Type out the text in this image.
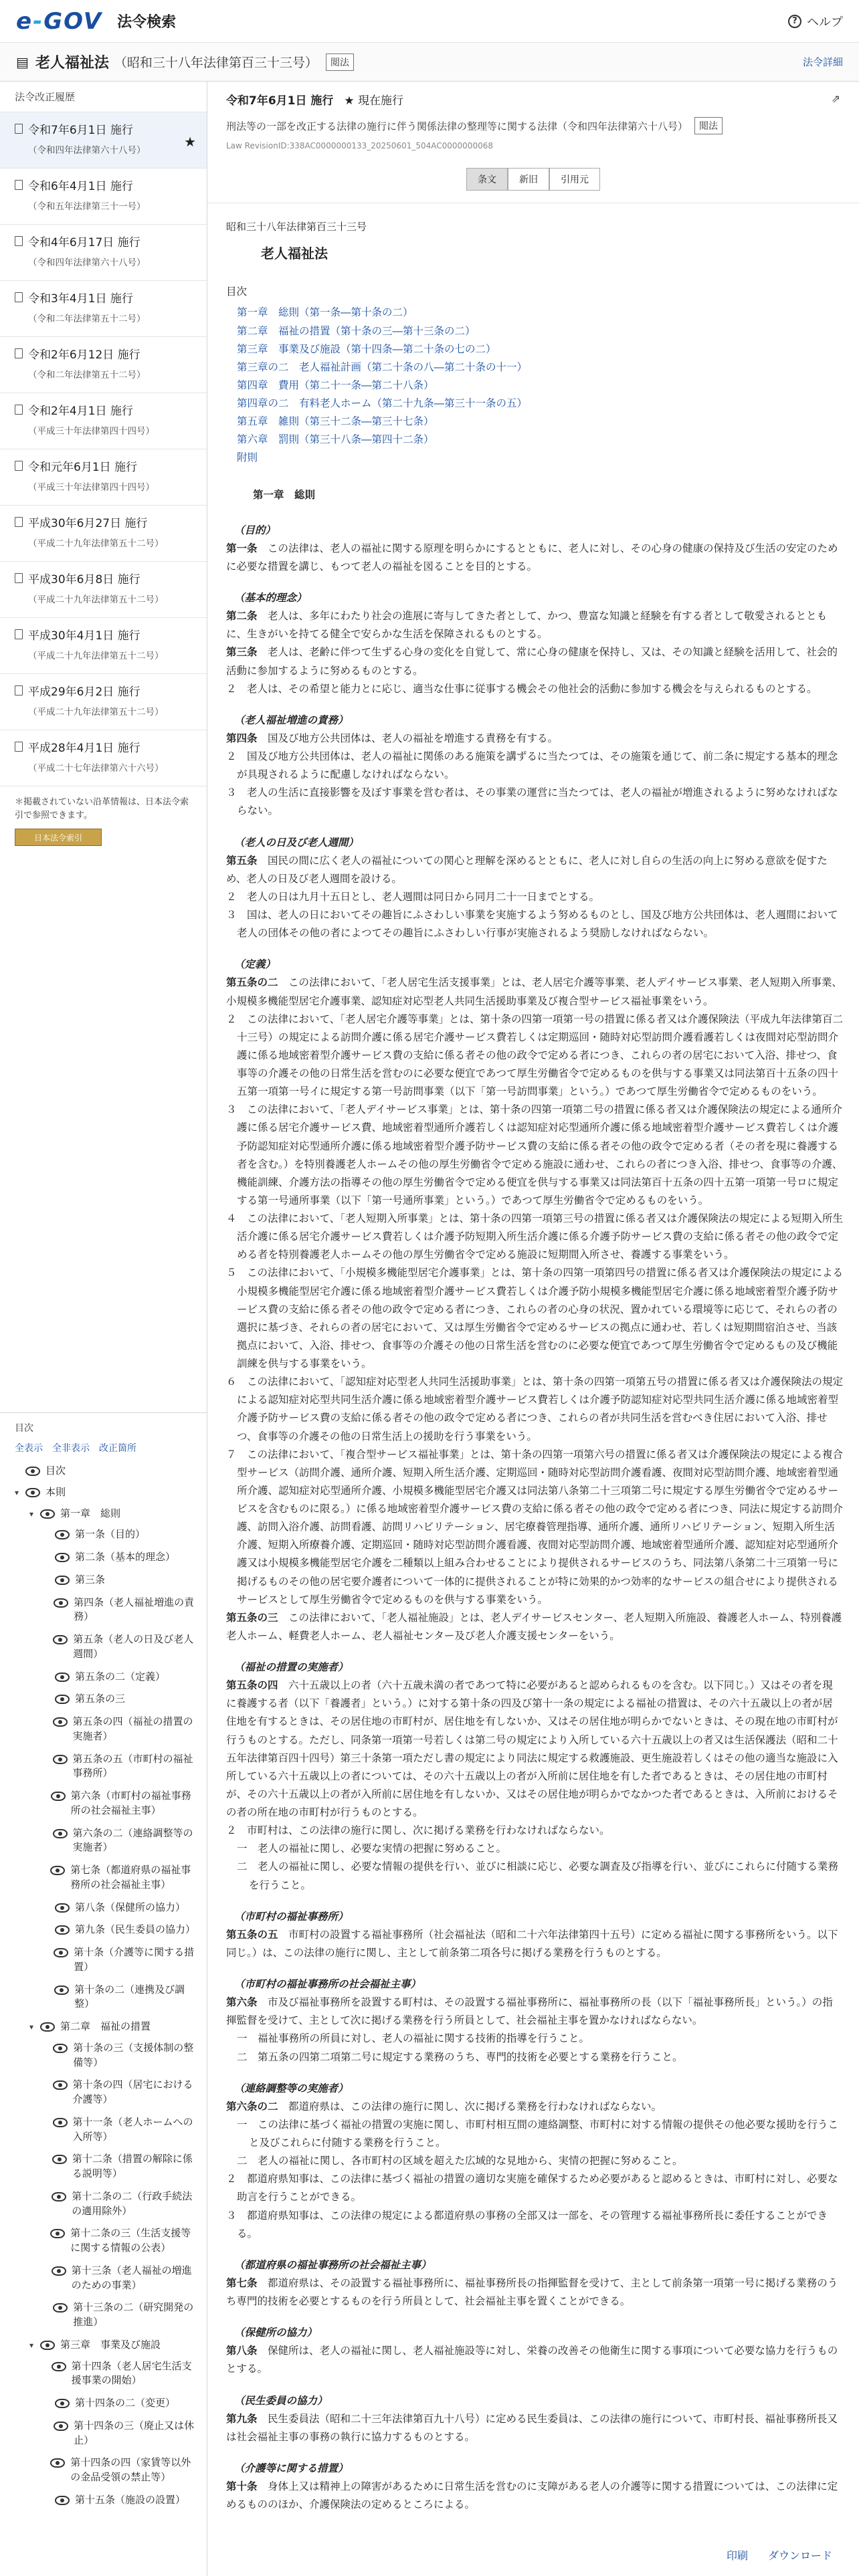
e-GOV 法令検索	? ヘルプ
▤ 老人福祉法 （昭和三十八年法律第百三十三号）	閲法	法令詳細
法令改正履歴
令和7年6月1日 施行
（令和四年法律第六十八号）
★
令和6年4月1日 施行
（令和五年法律第三十一号）
令和4年6月17日 施行
（令和四年法律第六十八号）
令和3年4月1日 施行
（令和二年法律第五十二号）
令和2年6月12日 施行
（令和二年法律第五十二号）
令和2年4月1日 施行
（平成三十年法律第四十四号）
令和元年6月1日 施行
（平成三十年法律第四十四号）
平成30年6月27日 施行
（平成二十九年法律第五十二号）
平成30年6月8日 施行
（平成二十九年法律第五十二号）
平成30年4月1日 施行
（平成二十九年法律第五十二号）
平成29年6月2日 施行
（平成二十九年法律第五十二号）
平成28年4月1日 施行
（平成二十七年法律第六十六号）
＊掲載されていない沿革情報は、日本法令索引で参照できます。
日本法令索引
目次
全表示 全非表示 改正箇所
目次
▾	本則
▾	第一章　総則
第一条（目的）
第二条（基本的理念）
第三条
第四条（老人福祉増進の責務）
第五条（老人の日及び老人週間）
第五条の二（定義）
第五条の三
第五条の四（福祉の措置の実施者）
第五条の五（市町村の福祉事務所）
第六条（市町村の福祉事務所の社会福祉主事）
第六条の二（連絡調整等の実施者）
第七条（都道府県の福祉事務所の社会福祉主事）
第八条（保健所の協力）
第九条（民生委員の協力）
第十条（介護等に関する措置）
第十条の二（連携及び調整）
▾	第二章　福祉の措置
第十条の三（支援体制の整備等）
第十条の四（居宅における介護等）
第十一条（老人ホームへの入所等）
第十二条（措置の解除に係る説明等）
第十二条の二（行政手続法の適用除外）
第十二条の三（生活支援等に関する情報の公表）
第十三条（老人福祉の増進のための事業）
第十三条の二（研究開発の推進）
▾	第三章　事業及び施設
第十四条（老人居宅生活支援事業の開始）
第十四条の二（変更）
第十四条の三（廃止又は休止）
第十四条の四（家賃等以外の金品受領の禁止等）
第十五条（施設の設置）
令和7年6月1日 施行 ★ 現在施行
刑法等の一部を改正する法律の施行に伴う関係法律の整理等に関する法律（令和四年法律第六十八号）	閲法
Law RevisionID:338AC0000000133_20250601_504AC0000000068
⇗
条文	新旧	引用元
昭和三十八年法律第百三十三号
老人福祉法
目次
第一章　総則（第一条―第十条の二）
第二章　福祉の措置（第十条の三―第十三条の二）
第三章　事業及び施設（第十四条―第二十条の七の二）
第三章の二　老人福祉計画（第二十条の八―第二十条の十一）
第四章　費用（第二十一条―第二十八条）
第四章の二　有料老人ホーム（第二十九条―第三十一条の五）
第五章　雑則（第三十二条―第三十七条）
第六章　罰則（第三十八条―第四十二条）
附則
第一章　総則
（目的）
第一条　 この法律は、老人の福祉に関する原理を明らかにするとともに、老人に対し、その心身の健康の保持及び生活の安定のために必要な措置を講じ、もつて老人の福祉を図ることを目的とする。
（基本的理念）
第二条　 老人は、多年にわたり社会の進展に寄与してきた者として、かつ、豊富な知識と経験を有する者として敬愛されるとともに、生きがいを持てる健全で安らかな生活を保障されるものとする。
第三条　 老人は、老齢に伴つて生ずる心身の変化を自覚して、常に心身の健康を保持し、又は、その知識と経験を活用して、社会的活動に参加するように努めるものとする。
２　 老人は、その希望と能力とに応じ、適当な仕事に従事する機会その他社会的活動に参加する機会を与えられるものとする。
（老人福祉増進の責務）
第四条　 国及び地方公共団体は、老人の福祉を増進する責務を有する。
２　 国及び地方公共団体は、老人の福祉に関係のある施策を講ずるに当たつては、その施策を通じて、前二条に規定する基本的理念が具現されるように配慮しなければならない。
３　 老人の生活に直接影響を及ぼす事業を営む者は、その事業の運営に当たつては、老人の福祉が増進されるように努めなければならない。
（老人の日及び老人週間）
第五条　 国民の間に広く老人の福祉についての関心と理解を深めるとともに、老人に対し自らの生活の向上に努める意欲を促すため、老人の日及び老人週間を設ける。
２　 老人の日は九月十五日とし、老人週間は同日から同月二十一日までとする。
３　 国は、老人の日においてその趣旨にふさわしい事業を実施するよう努めるものとし、国及び地方公共団体は、老人週間において老人の団体その他の者によつてその趣旨にふさわしい行事が実施されるよう奨励しなければならない。
（定義）
第五条の二　 この法律において、「老人居宅生活支援事業」とは、老人居宅介護等事業、老人デイサービス事業、老人短期入所事業、小規模多機能型居宅介護事業、認知症対応型老人共同生活援助事業及び複合型サービス福祉事業をいう。
２　 この法律において、「老人居宅介護等事業」とは、第十条の四第一項第一号の措置に係る者又は介護保険法（平成九年法律第百二十三号）の規定による訪問介護に係る居宅介護サービス費若しくは定期巡回・随時対応型訪問介護看護若しくは夜間対応型訪問介護に係る地域密着型介護サービス費の支給に係る者その他の政令で定める者につき、これらの者の居宅において入浴、排せつ、食事等の介護その他の日常生活を営むのに必要な便宜であつて厚生労働省令で定めるものを供与する事業又は同法第百十五条の四十五第一項第一号イに規定する第一号訪問事業（以下「第一号訪問事業」という。）であつて厚生労働省令で定めるものをいう。
３　 この法律において、「老人デイサービス事業」とは、第十条の四第一項第二号の措置に係る者又は介護保険法の規定による通所介護に係る居宅介護サービス費、地域密着型通所介護若しくは認知症対応型通所介護に係る地域密着型介護サービス費若しくは介護予防認知症対応型通所介護に係る地域密着型介護予防サービス費の支給に係る者その他の政令で定める者（その者を現に養護する者を含む。）を特別養護老人ホームその他の厚生労働省令で定める施設に通わせ、これらの者につき入浴、排せつ、食事等の介護、機能訓練、介護方法の指導その他の厚生労働省令で定める便宜を供与する事業又は同法第百十五条の四十五第一項第一号ロに規定する第一号通所事業（以下「第一号通所事業」という。）であつて厚生労働省令で定めるものをいう。
４　 この法律において、「老人短期入所事業」とは、第十条の四第一項第三号の措置に係る者又は介護保険法の規定による短期入所生活介護に係る居宅介護サービス費若しくは介護予防短期入所生活介護に係る介護予防サービス費の支給に係る者その他の政令で定める者を特別養護老人ホームその他の厚生労働省令で定める施設に短期間入所させ、養護する事業をいう。
５　 この法律において、「小規模多機能型居宅介護事業」とは、第十条の四第一項第四号の措置に係る者又は介護保険法の規定による小規模多機能型居宅介護に係る地域密着型介護サービス費若しくは介護予防小規模多機能型居宅介護に係る地域密着型介護予防サービス費の支給に係る者その他の政令で定める者につき、これらの者の心身の状況、置かれている環境等に応じて、それらの者の選択に基づき、それらの者の居宅において、又は厚生労働省令で定めるサービスの拠点に通わせ、若しくは短期間宿泊させ、当該拠点において、入浴、排せつ、食事等の介護その他の日常生活を営むのに必要な便宜であつて厚生労働省令で定めるもの及び機能訓練を供与する事業をいう。
６　 この法律において、「認知症対応型老人共同生活援助事業」とは、第十条の四第一項第五号の措置に係る者又は介護保険法の規定による認知症対応型共同生活介護に係る地域密着型介護サービス費若しくは介護予防認知症対応型共同生活介護に係る地域密着型介護予防サービス費の支給に係る者その他の政令で定める者につき、これらの者が共同生活を営むべき住居において入浴、排せつ、食事等の介護その他の日常生活上の援助を行う事業をいう。
７　 この法律において、「複合型サービス福祉事業」とは、第十条の四第一項第六号の措置に係る者又は介護保険法の規定による複合型サービス（訪問介護、通所介護、短期入所生活介護、定期巡回・随時対応型訪問介護看護、夜間対応型訪問介護、地域密着型通所介護、認知症対応型通所介護、小規模多機能型居宅介護又は同法第八条第二十三項第二号に規定する厚生労働省令で定めるサービスを含むものに限る。）に係る地域密着型介護サービス費の支給に係る者その他の政令で定める者につき、同法に規定する訪問介護、訪問入浴介護、訪問看護、訪問リハビリテーション、居宅療養管理指導、通所介護、通所リハビリテーション、短期入所生活介護、短期入所療養介護、定期巡回・随時対応型訪問介護看護、夜間対応型訪問介護、地域密着型通所介護、認知症対応型通所介護又は小規模多機能型居宅介護を二種類以上組み合わせることにより提供されるサービスのうち、同法第八条第二十三項第一号に掲げるものその他の居宅要介護者について一体的に提供されることが特に効果的かつ効率的なサービスの組合せにより提供されるサービスとして厚生労働省令で定めるものを供与する事業をいう。
第五条の三　 この法律において、「老人福祉施設」とは、老人デイサービスセンター、老人短期入所施設、養護老人ホーム、特別養護老人ホーム、軽費老人ホーム、老人福祉センター及び老人介護支援センターをいう。
（福祉の措置の実施者）
第五条の四　 六十五歳以上の者（六十五歳未満の者であつて特に必要があると認められるものを含む。以下同じ。）又はその者を現に養護する者（以下「養護者」という。）に対する第十条の四及び第十一条の規定による福祉の措置は、その六十五歳以上の者が居住地を有するときは、その居住地の市町村が、居住地を有しないか、又はその居住地が明らかでないときは、その現在地の市町村が行うものとする。ただし、同条第一項第一号若しくは第二号の規定により入所している六十五歳以上の者又は生活保護法（昭和二十五年法律第百四十四号）第三十条第一項ただし書の規定により同法に規定する救護施設、更生施設若しくはその他の適当な施設に入所している六十五歳以上の者については、その六十五歳以上の者が入所前に居住地を有した者であるときは、その居住地の市町村が、その六十五歳以上の者が入所前に居住地を有しないか、又はその居住地が明らかでなかつた者であるときは、入所前におけるその者の所在地の市町村が行うものとする。
２　 市町村は、この法律の施行に関し、次に掲げる業務を行わなければならない。
一　 老人の福祉に関し、必要な実情の把握に努めること。
二　 老人の福祉に関し、必要な情報の提供を行い、並びに相談に応じ、必要な調査及び指導を行い、並びにこれらに付随する業務を行うこと。
（市町村の福祉事務所）
第五条の五　 市町村の設置する福祉事務所（社会福祉法（昭和二十六年法律第四十五号）に定める福祉に関する事務所をいう。以下同じ。）は、この法律の施行に関し、主として前条第二項各号に掲げる業務を行うものとする。
（市町村の福祉事務所の社会福祉主事）
第六条　 市及び福祉事務所を設置する町村は、その設置する福祉事務所に、福祉事務所の長（以下「福祉事務所長」という。）の指揮監督を受けて、主として次に掲げる業務を行う所員として、社会福祉主事を置かなければならない。
一　 福祉事務所の所員に対し、老人の福祉に関する技術的指導を行うこと。
二　 第五条の四第二項第二号に規定する業務のうち、専門的技術を必要とする業務を行うこと。
（連絡調整等の実施者）
第六条の二　 都道府県は、この法律の施行に関し、次に掲げる業務を行わなければならない。
一　 この法律に基づく福祉の措置の実施に関し、市町村相互間の連絡調整、市町村に対する情報の提供その他必要な援助を行うこと及びこれらに付随する業務を行うこと。
二　 老人の福祉に関し、各市町村の区域を超えた広域的な見地から、実情の把握に努めること。
２　 都道府県知事は、この法律に基づく福祉の措置の適切な実施を確保するため必要があると認めるときは、市町村に対し、必要な助言を行うことができる。
３　 都道府県知事は、この法律の規定による都道府県の事務の全部又は一部を、その管理する福祉事務所長に委任することができる。
（都道府県の福祉事務所の社会福祉主事）
第七条　 都道府県は、その設置する福祉事務所に、福祉事務所長の指揮監督を受けて、主として前条第一項第一号に掲げる業務のうち専門的技術を必要とするものを行う所員として、社会福祉主事を置くことができる。
（保健所の協力）
第八条　 保健所は、老人の福祉に関し、老人福祉施設等に対し、栄養の改善その他衛生に関する事項について必要な協力を行うものとする。
（民生委員の協力）
第九条　 民生委員法（昭和二十三年法律第百九十八号）に定める民生委員は、この法律の施行について、市町村長、福祉事務所長又は社会福祉主事の事務の執行に協力するものとする。
（介護等に関する措置）
第十条　 身体上又は精神上の障害があるために日常生活を営むのに支障がある老人の介護等に関する措置については、この法律に定めるもののほか、介護保険法の定めるところによる。
印刷 ダウンロード
